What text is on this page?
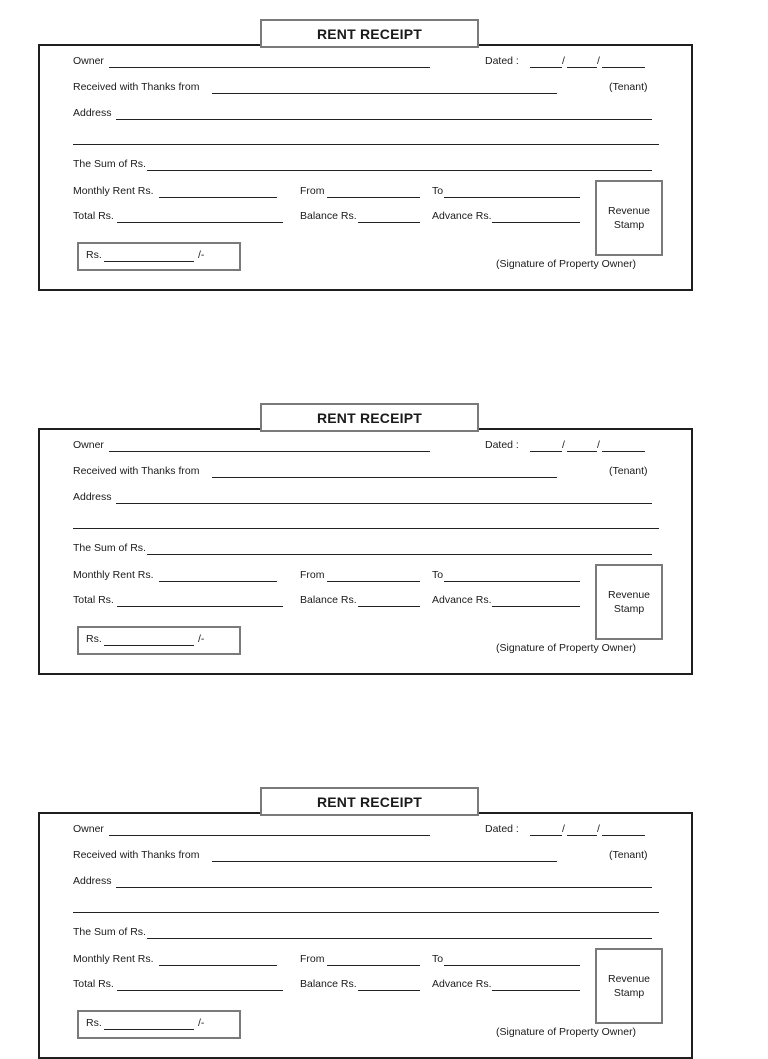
RENT RECEIPT
Owner	Dated :	/	/
Received with Thanks from	(Tenant)
Address
The Sum of Rs.
Monthly Rent Rs.	From	To
Total Rs.	Balance Rs.	Advance Rs.	Revenue
Stamp
Rs.	/-
(Signature of Property Owner)
RENT RECEIPT
Owner	Dated :	/	/
Received with Thanks from	(Tenant)
Address
The Sum of Rs.
Monthly Rent Rs.	From	To
Total Rs.	Balance Rs.	Advance Rs.	Revenue
Stamp
Rs.	/-
(Signature of Property Owner)
RENT RECEIPT
Owner	Dated :	/	/
Received with Thanks from	(Tenant)
Address
The Sum of Rs.
Monthly Rent Rs.	From	To
Total Rs.	Balance Rs.	Advance Rs.	Revenue
Stamp
Rs.	/-
(Signature of Property Owner)
